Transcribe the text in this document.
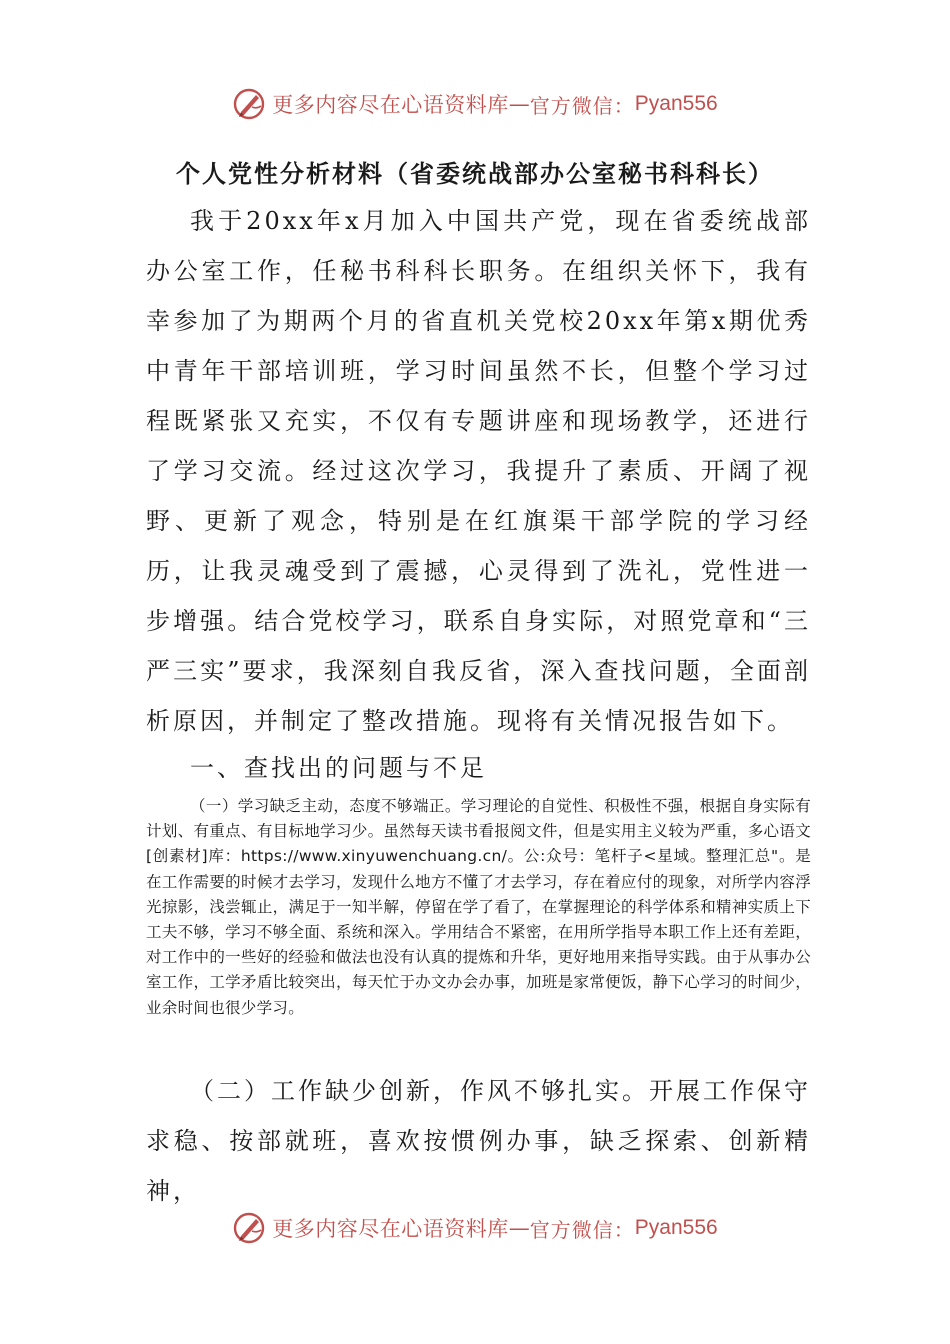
更多内容尽在心语资料库 — 官方微信： Pyan556
个人党性分析材料（省委统战部办公室秘书科科长）

我于20xx年x月加入中国共产党，现在省委统战部办公室工作，任秘书科科长职务。在组织关怀下，我有幸参加了为期两个月的省直机关党校20xx年第x期优秀中青年干部培训班，学习时间虽然不长，但整个学习过程既紧张又充实，不仅有专题讲座和现场教学，还进行了学习交流。经过这次学习，我提升了素质、开阔了视野、更新了观念，特别是在红旗渠干部学院的学习经历，让我灵魂受到了震撼，心灵得到了洗礼，党性进一步增强。结合党校学习，联系自身实际，对照党章和“三严三实”要求，我深刻自我反省，深入查找问题，全面剖析原因，并制定了整改措施。现将有关情况报告如下。

一、查找出的问题与不足

（一）学习缺乏主动，态度不够端正。学习理论的自觉性、积极性不强，根据自身实际有计划、有重点、有目标地学习少。虽然每天读书看报阅文件，但是实用主义较为严重，多心语文[创素材]库：https://www.xinyuwenchuang.cn/。公:众号：笔杆子<星域。整理汇总"。是在工作需要的时候才去学习，发现什么地方不懂了才去学习，存在着应付的现象，对所学内容浮光掠影，浅尝辄止，满足于一知半解，停留在学了看了，在掌握理论的科学体系和精神实质上下工夫不够，学习不够全面、系统和深入。学用结合不紧密，在用所学指导本职工作上还有差距，对工作中的一些好的经验和做法也没有认真的提炼和升华，更好地用来指导实践。由于从事办公室工作，工学矛盾比较突出，每天忙于办文办会办事，加班是家常便饭，静下心学习的时间少，业余时间也很少学习。

（二）工作缺少创新，作风不够扎实。开展工作保守求稳、按部就班，喜欢按惯例办事，缺乏探索、创新精神，

更多内容尽在心语资料库 — 官方微信： Pyan556
